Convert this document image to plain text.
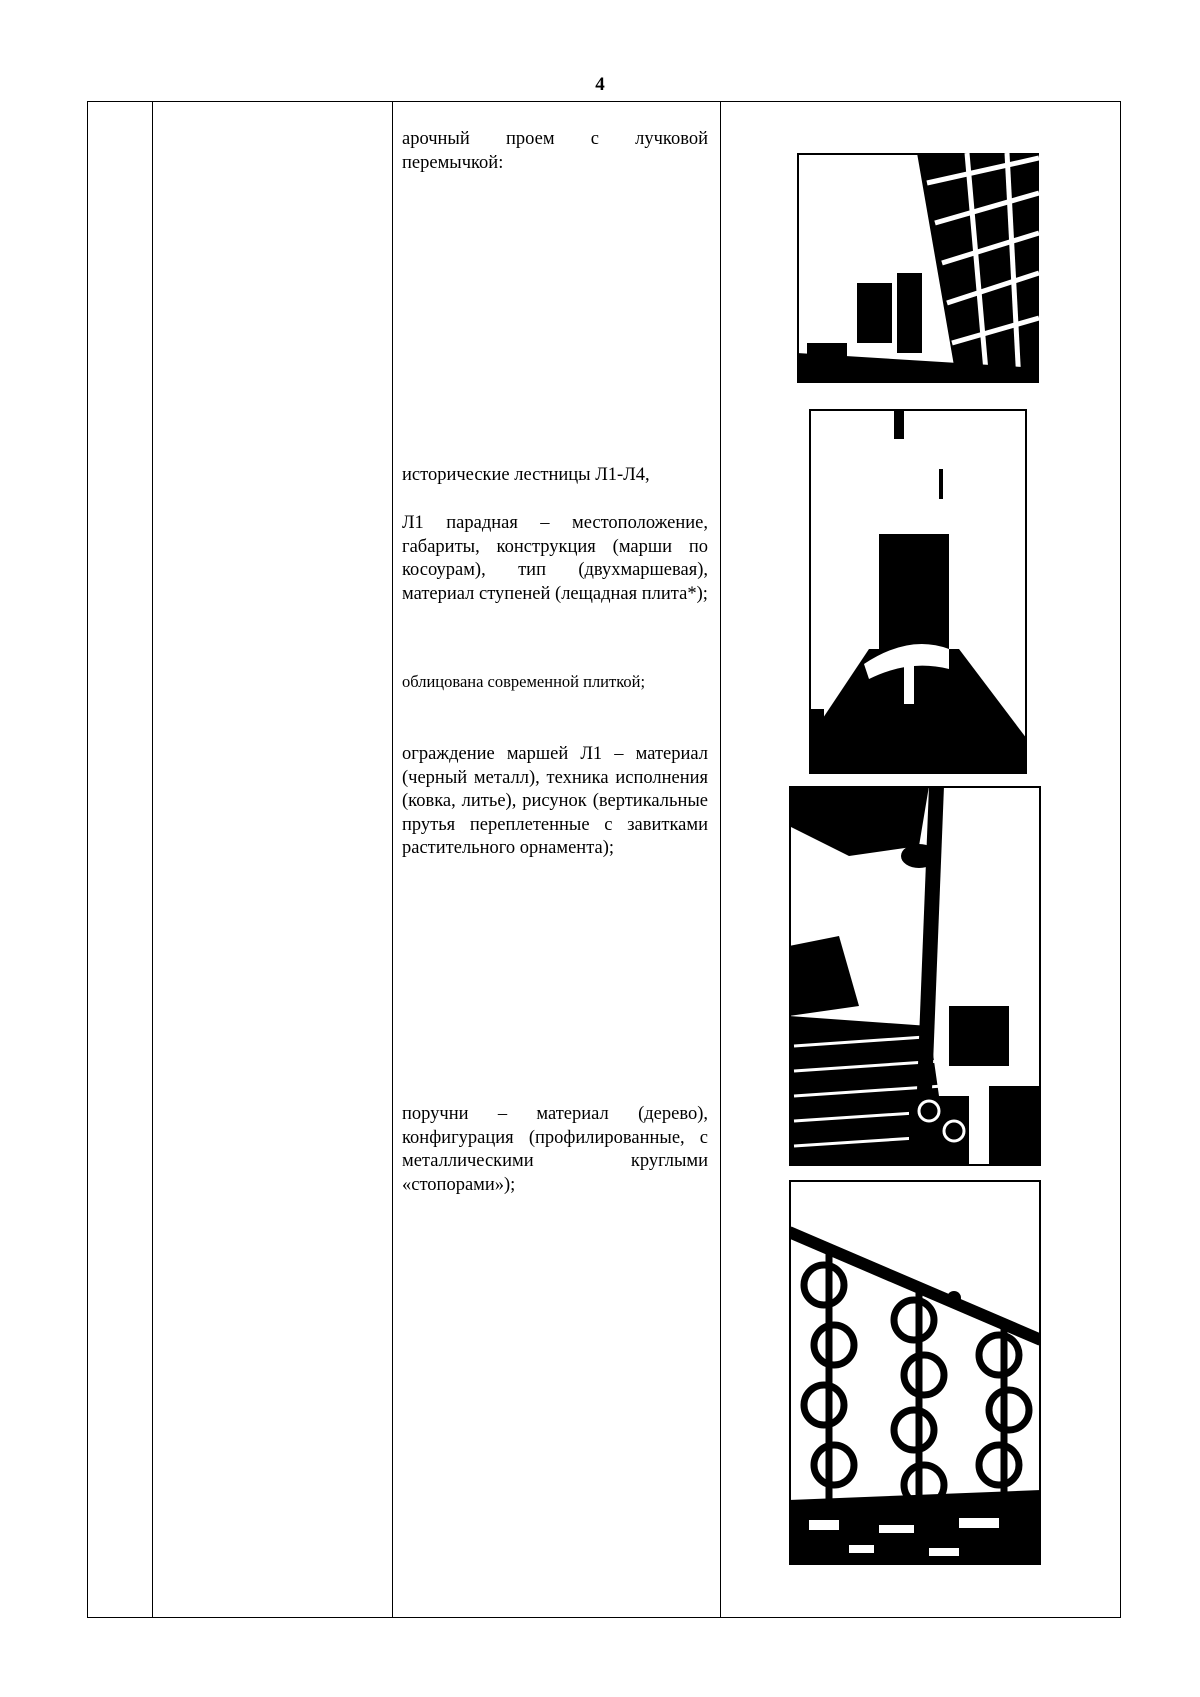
4
арочный проем с лучковой перемычкой:
исторические лестницы Л1-Л4,
Л1 парадная – местоположение, габариты, конструкция (марши по косоурам), тип (двухмаршевая), материал ступеней (лещадная плита*);
облицована современной плиткой;
ограждение маршей Л1 – материал (черный металл), техника исполнения (ковка, литье), рисунок (вертикальные прутья переплетенные с завитками растительного орнамента);
поручни – материал (дерево), конфигурация (профилированные, с металлическими круглыми «стопорами»);
